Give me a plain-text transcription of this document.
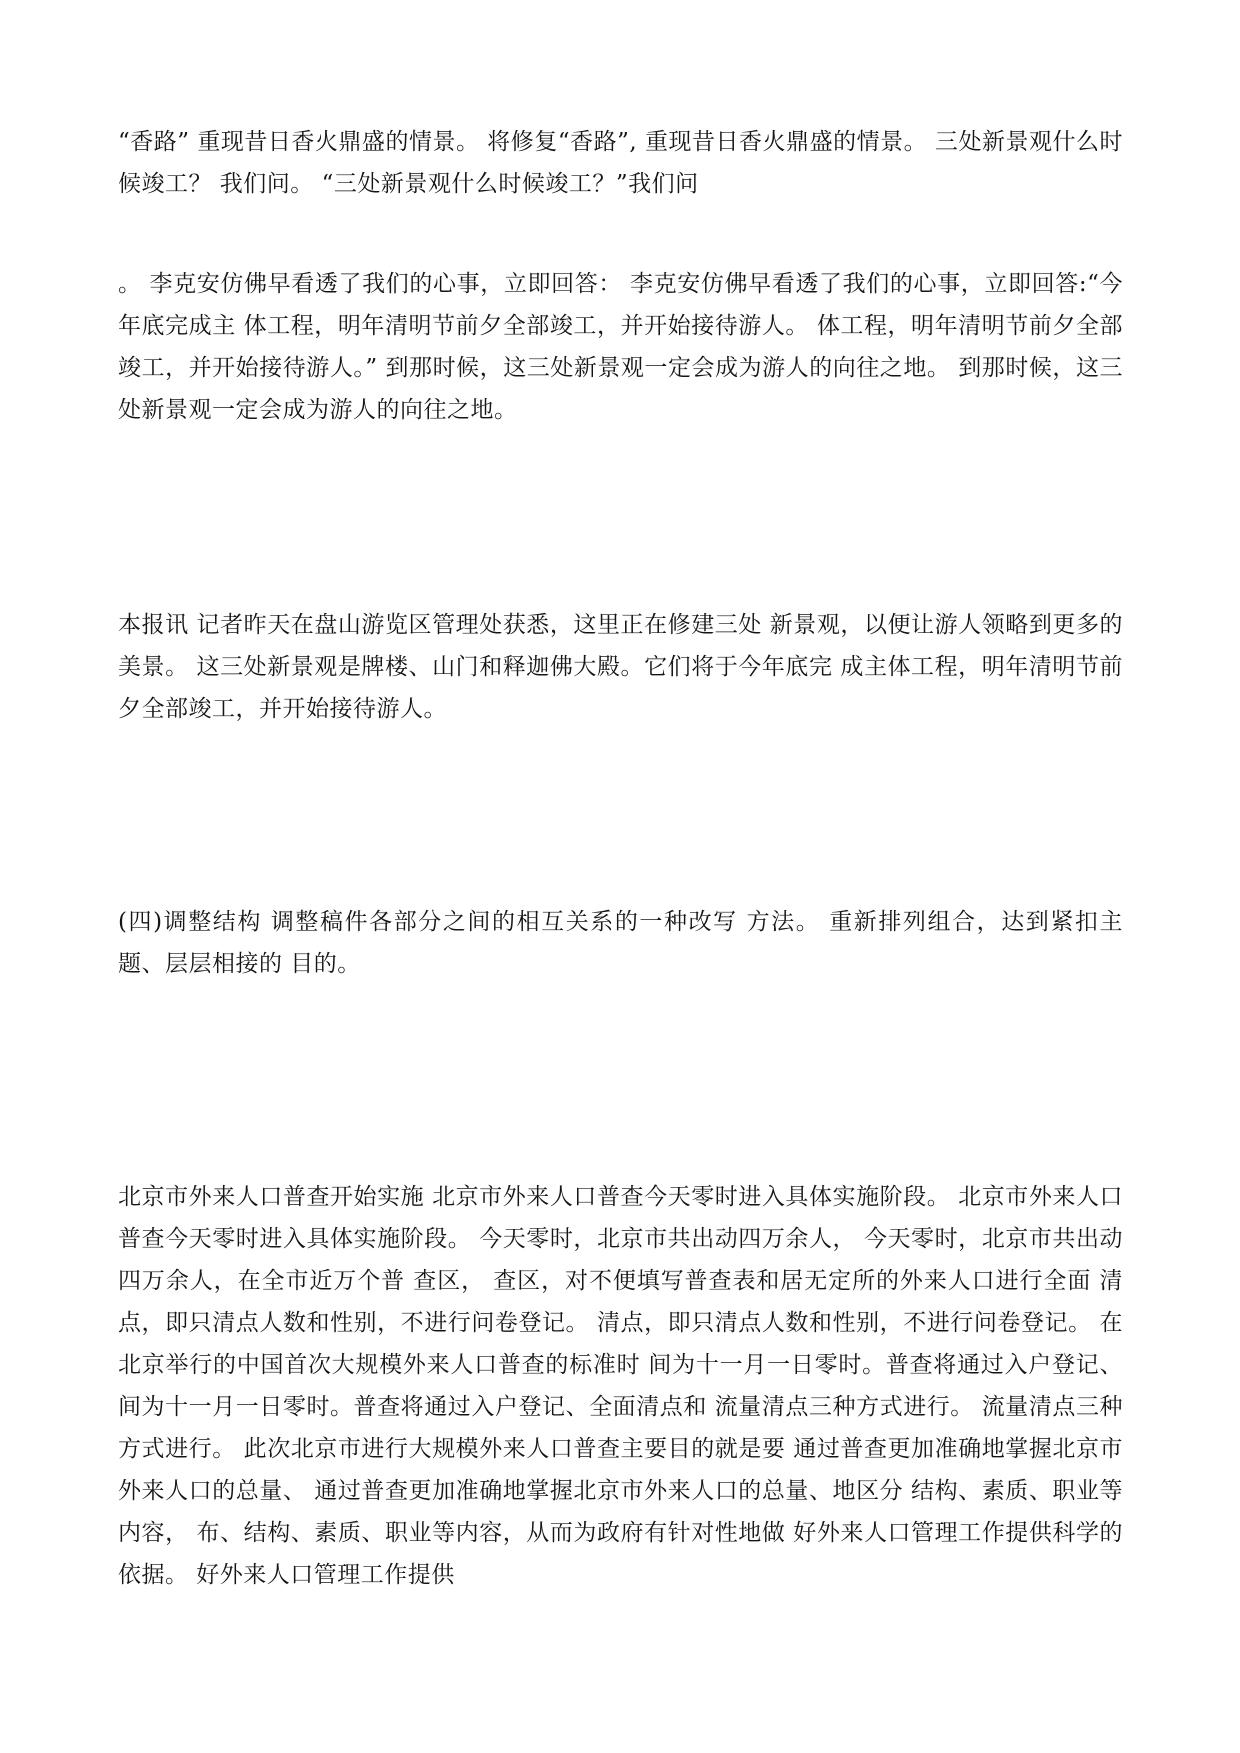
“香路” 重现昔日香火鼎盛的情景。 将修复“香路”, 重现昔日香火鼎盛的情景。 三处新景观什么时候竣工？ 我们问。 “三处新景观什么时候竣工？”我们问

。 李克安仿佛早看透了我们的心事，立即回答： 李克安仿佛早看透了我们的心事，立即回答:“今年底完成主 体工程，明年清明节前夕全部竣工，并开始接待游人。 体工程，明年清明节前夕全部竣工，并开始接待游人。” 到那时候，这三处新景观一定会成为游人的向往之地。 到那时候，这三处新景观一定会成为游人的向往之地。

本报讯 记者昨天在盘山游览区管理处获悉，这里正在修建三处 新景观，以便让游人领略到更多的美景。 这三处新景观是牌楼、山门和释迦佛大殿。它们将于今年底完 成主体工程，明年清明节前夕全部竣工，并开始接待游人。

(四)调整结构 调整稿件各部分之间的相互关系的一种改写 方法。 重新排列组合，达到紧扣主题、层层相接的 目的。

北京市外来人口普查开始实施 北京市外来人口普查今天零时进入具体实施阶段。 北京市外来人口普查今天零时进入具体实施阶段。 今天零时，北京市共出动四万余人， 今天零时，北京市共出动四万余人，在全市近万个普 查区， 查区，对不便填写普查表和居无定所的外来人口进行全面 清点，即只清点人数和性别，不进行问卷登记。 清点，即只清点人数和性别，不进行问卷登记。 在北京举行的中国首次大规模外来人口普查的标准时 间为十一月一日零时。普查将通过入户登记、 间为十一月一日零时。普查将通过入户登记、全面清点和 流量清点三种方式进行。 流量清点三种方式进行。 此次北京市进行大规模外来人口普查主要目的就是要 通过普查更加准确地掌握北京市外来人口的总量、 通过普查更加准确地掌握北京市外来人口的总量、地区分 结构、素质、职业等内容， 布、结构、素质、职业等内容，从而为政府有针对性地做 好外来人口管理工作提供科学的依据。 好外来人口管理工作提供
